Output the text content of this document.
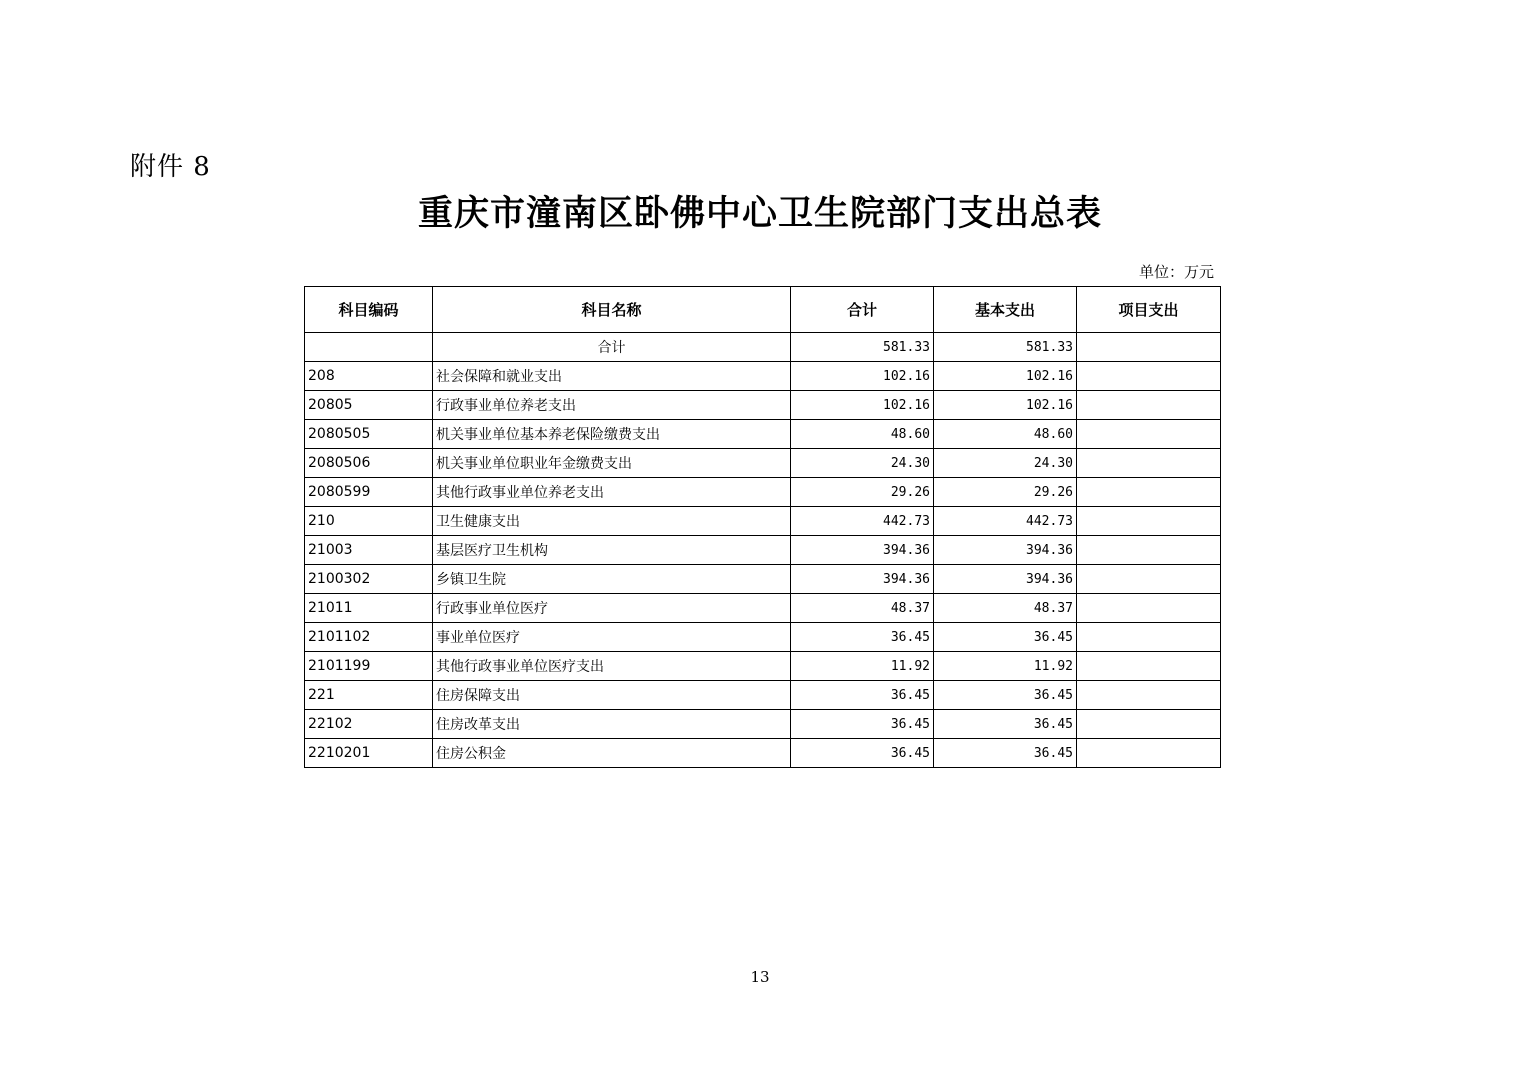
附件 8
重庆市潼南区卧佛中心卫生院部门支出总表
单位：万元
科目编码	科目名称	合计	基本支出	项目支出
	合计	581.33	581.33	
208	社会保障和就业支出	102.16	102.16	
20805	行政事业单位养老支出	102.16	102.16	
2080505	机关事业单位基本养老保险缴费支出	48.60	48.60	
2080506	机关事业单位职业年金缴费支出	24.30	24.30	
2080599	其他行政事业单位养老支出	29.26	29.26	
210	卫生健康支出	442.73	442.73	
21003	基层医疗卫生机构	394.36	394.36	
2100302	乡镇卫生院	394.36	394.36	
21011	行政事业单位医疗	48.37	48.37	
2101102	事业单位医疗	36.45	36.45	
2101199	其他行政事业单位医疗支出	11.92	11.92	
221	住房保障支出	36.45	36.45	
22102	住房改革支出	36.45	36.45	
2210201	住房公积金	36.45	36.45	
13
